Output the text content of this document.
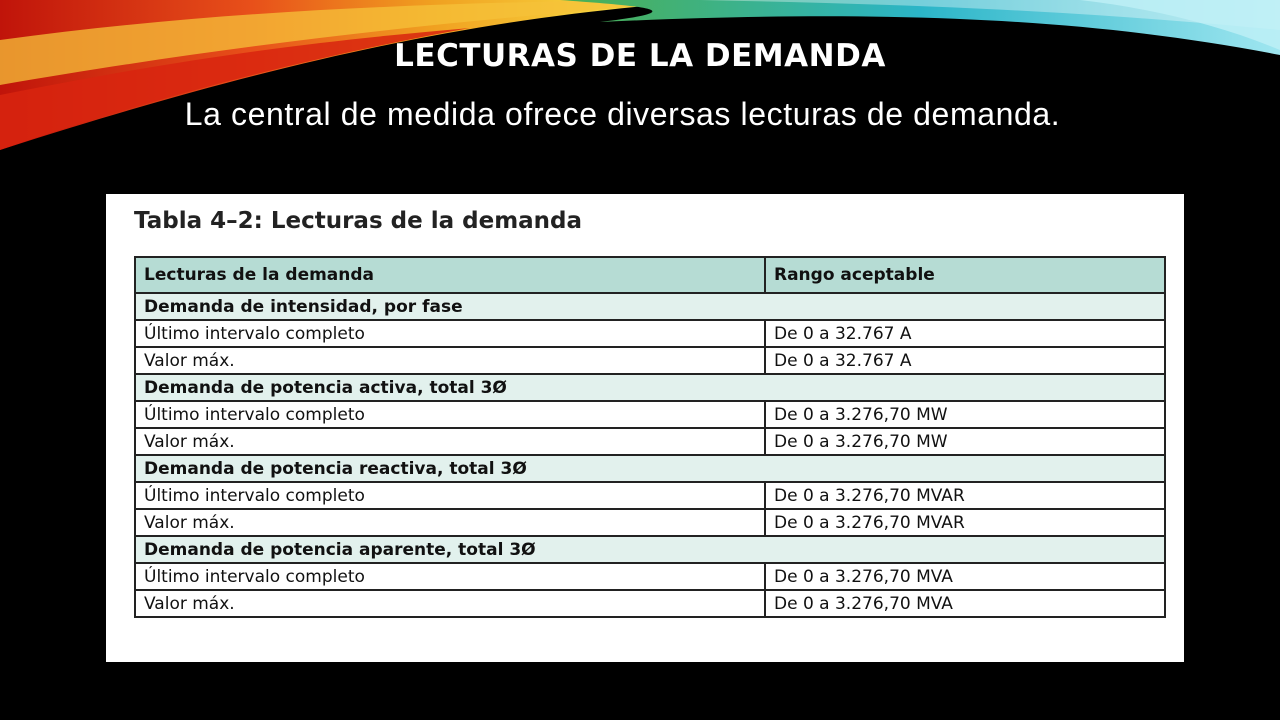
LECTURAS DE LA DEMANDA
La central de medida ofrece diversas lecturas de demanda.
Tabla 4–2: Lecturas de la demanda
Lecturas de la demanda	Rango aceptable
Demanda de intensidad, por fase	
Último intervalo completo	De 0 a 32.767 A
Valor máx.	De 0 a 32.767 A
Demanda de potencia activa, total 3Ø	
Último intervalo completo	De 0 a 3.276,70 MW
Valor máx.	De 0 a 3.276,70 MW
Demanda de potencia reactiva, total 3Ø	
Último intervalo completo	De 0 a 3.276,70 MVAR
Valor máx.	De 0 a 3.276,70 MVAR
Demanda de potencia aparente, total 3Ø	
Último intervalo completo	De 0 a 3.276,70 MVA
Valor máx.	De 0 a 3.276,70 MVA
